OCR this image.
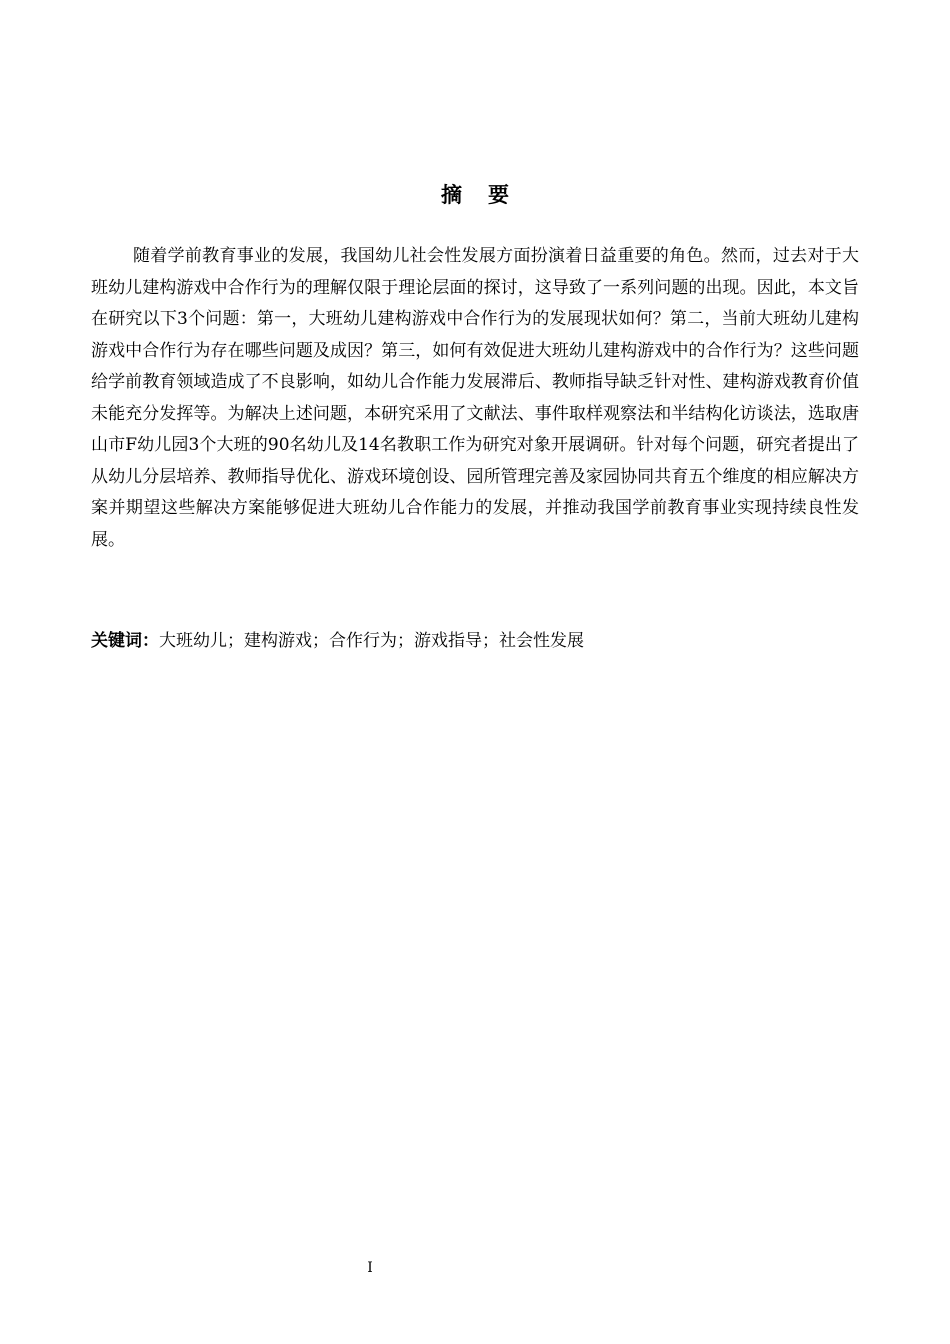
摘要

随着学前教育事业的发展，我国幼儿社会性发展方面扮演着日益重要的角色。然而，过去对于大班幼儿建构游戏中合作行为的理解仅限于理论层面的探讨，这导致了一系列问题的出现。因此，本文旨在研究以下3个问题：第一，大班幼儿建构游戏中合作行为的发展现状如何？第二，当前大班幼儿建构游戏中合作行为存在哪些问题及成因？第三，如何有效促进大班幼儿建构游戏中的合作行为？这些问题给学前教育领域造成了不良影响，如幼儿合作能力发展滞后、教师指导缺乏针对性、建构游戏教育价值未能充分发挥等。为解决上述问题，本研究采用了文献法、事件取样观察法和半结构化访谈法，选取唐山市F幼儿园3个大班的90名幼儿及14名教职工作为研究对象开展调研。针对每个问题，研究者提出了从幼儿分层培养、教师指导优化、游戏环境创设、园所管理完善及家园协同共育五个维度的相应解决方案并期望这些解决方案能够促进大班幼儿合作能力的发展，并推动我国学前教育事业实现持续良性发展。

关键词：大班幼儿；建构游戏；合作行为；游戏指导；社会性发展
I
